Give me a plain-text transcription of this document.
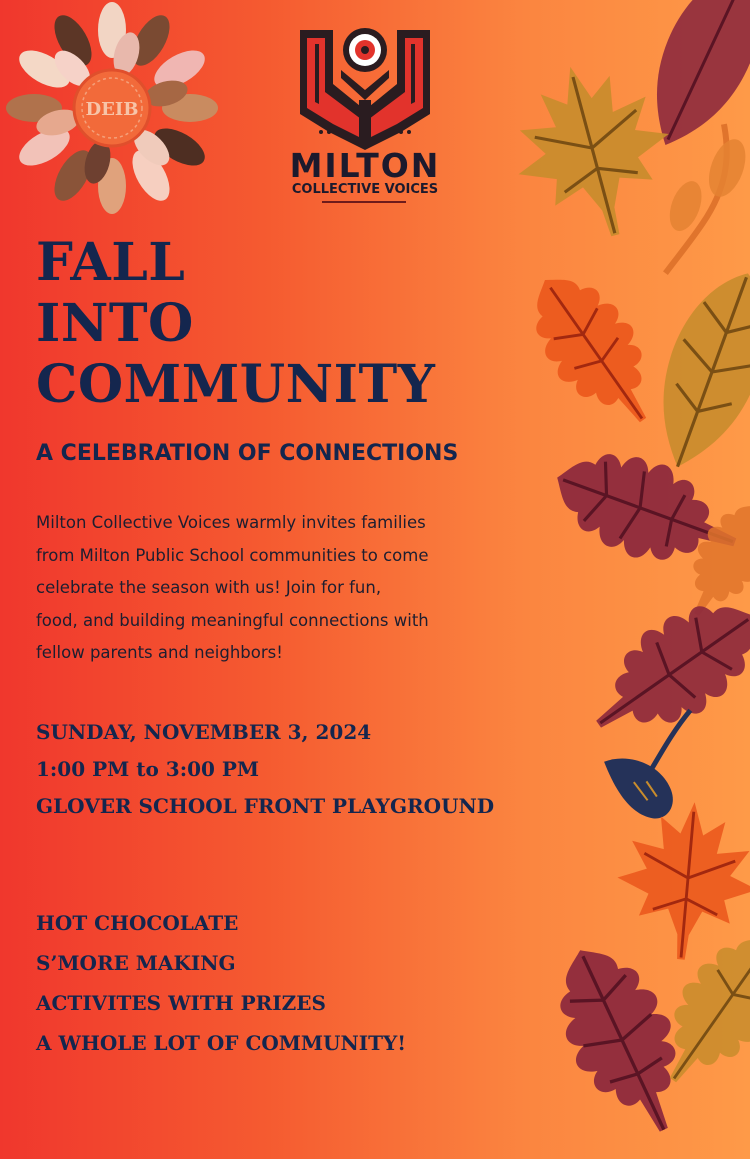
DEIB
MILTON
COLLECTIVE VOICES
FALL
INTO
COMMUNITY
A CELEBRATION OF CONNECTIONS
Milton Collective Voices warmly invites families
from Milton Public School communities to come
celebrate the season with us! Join for fun,
food, and building meaningful connections with
fellow parents and neighbors!
SUNDAY, NOVEMBER 3, 2024
1:00 PM to 3:00 PM
GLOVER SCHOOL FRONT PLAYGROUND
HOT CHOCOLATE
S’MORE MAKING
ACTIVITES WITH PRIZES
A WHOLE LOT OF COMMUNITY!
